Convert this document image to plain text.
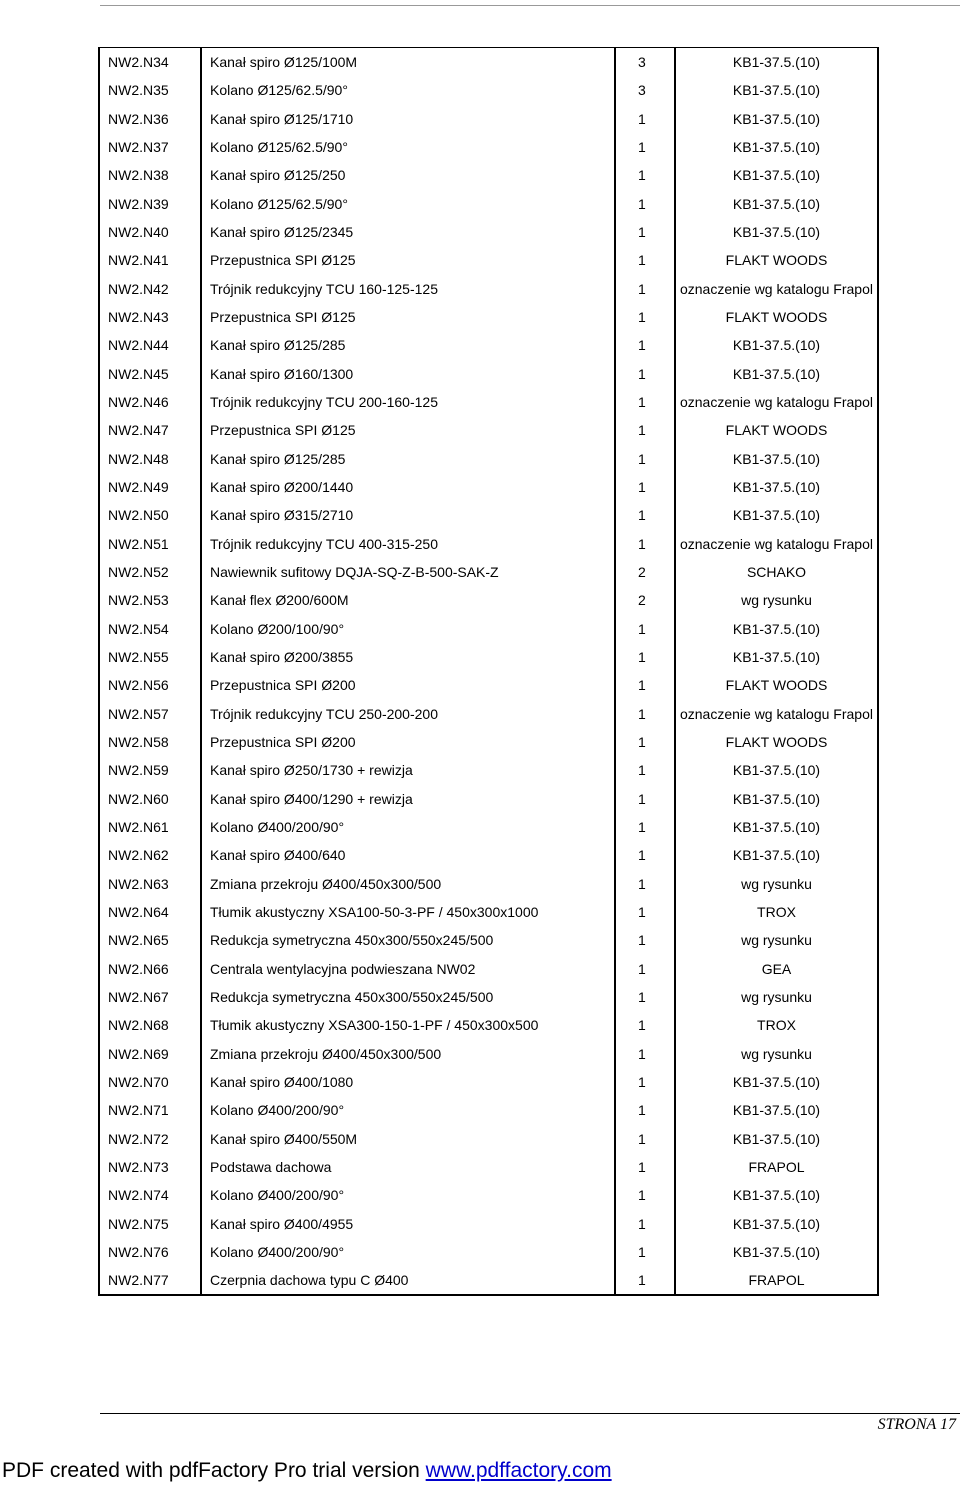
NW2.N34	Kanał spiro Ø125/100M	3	KB1-37.5.(10)
NW2.N35	Kolano Ø125/62.5/90°	3	KB1-37.5.(10)
NW2.N36	Kanał spiro Ø125/1710	1	KB1-37.5.(10)
NW2.N37	Kolano Ø125/62.5/90°	1	KB1-37.5.(10)
NW2.N38	Kanał spiro Ø125/250	1	KB1-37.5.(10)
NW2.N39	Kolano Ø125/62.5/90°	1	KB1-37.5.(10)
NW2.N40	Kanał spiro Ø125/2345	1	KB1-37.5.(10)
NW2.N41	Przepustnica SPI Ø125	1	FLAKT WOODS
NW2.N42	Trójnik redukcyjny TCU 160-125-125	1	oznaczenie wg katalogu Frapol
NW2.N43	Przepustnica SPI Ø125	1	FLAKT WOODS
NW2.N44	Kanał spiro Ø125/285	1	KB1-37.5.(10)
NW2.N45	Kanał spiro Ø160/1300	1	KB1-37.5.(10)
NW2.N46	Trójnik redukcyjny TCU 200-160-125	1	oznaczenie wg katalogu Frapol
NW2.N47	Przepustnica SPI Ø125	1	FLAKT WOODS
NW2.N48	Kanał spiro Ø125/285	1	KB1-37.5.(10)
NW2.N49	Kanał spiro Ø200/1440	1	KB1-37.5.(10)
NW2.N50	Kanał spiro Ø315/2710	1	KB1-37.5.(10)
NW2.N51	Trójnik redukcyjny TCU 400-315-250	1	oznaczenie wg katalogu Frapol
NW2.N52	Nawiewnik sufitowy DQJA-SQ-Z-B-500-SAK-Z	2	SCHAKO
NW2.N53	Kanał flex Ø200/600M	2	wg rysunku
NW2.N54	Kolano Ø200/100/90°	1	KB1-37.5.(10)
NW2.N55	Kanał spiro Ø200/3855	1	KB1-37.5.(10)
NW2.N56	Przepustnica SPI Ø200	1	FLAKT WOODS
NW2.N57	Trójnik redukcyjny TCU 250-200-200	1	oznaczenie wg katalogu Frapol
NW2.N58	Przepustnica SPI Ø200	1	FLAKT WOODS
NW2.N59	Kanał spiro Ø250/1730 + rewizja	1	KB1-37.5.(10)
NW2.N60	Kanał spiro Ø400/1290 + rewizja	1	KB1-37.5.(10)
NW2.N61	Kolano Ø400/200/90°	1	KB1-37.5.(10)
NW2.N62	Kanał spiro Ø400/640	1	KB1-37.5.(10)
NW2.N63	Zmiana przekroju Ø400/450x300/500	1	wg rysunku
NW2.N64	Tłumik akustyczny XSA100-50-3-PF / 450x300x1000	1	TROX
NW2.N65	Redukcja symetryczna 450x300/550x245/500	1	wg rysunku
NW2.N66	Centrala wentylacyjna podwieszana NW02	1	GEA
NW2.N67	Redukcja symetryczna 450x300/550x245/500	1	wg rysunku
NW2.N68	Tłumik akustyczny XSA300-150-1-PF / 450x300x500	1	TROX
NW2.N69	Zmiana przekroju Ø400/450x300/500	1	wg rysunku
NW2.N70	Kanał spiro Ø400/1080	1	KB1-37.5.(10)
NW2.N71	Kolano Ø400/200/90°	1	KB1-37.5.(10)
NW2.N72	Kanał spiro Ø400/550M	1	KB1-37.5.(10)
NW2.N73	Podstawa dachowa	1	FRAPOL
NW2.N74	Kolano Ø400/200/90°	1	KB1-37.5.(10)
NW2.N75	Kanał spiro Ø400/4955	1	KB1-37.5.(10)
NW2.N76	Kolano Ø400/200/90°	1	KB1-37.5.(10)
NW2.N77	Czerpnia dachowa typu C Ø400	1	FRAPOL
STRONA 17
PDF created with pdfFactory Pro trial version www.pdffactory.com
